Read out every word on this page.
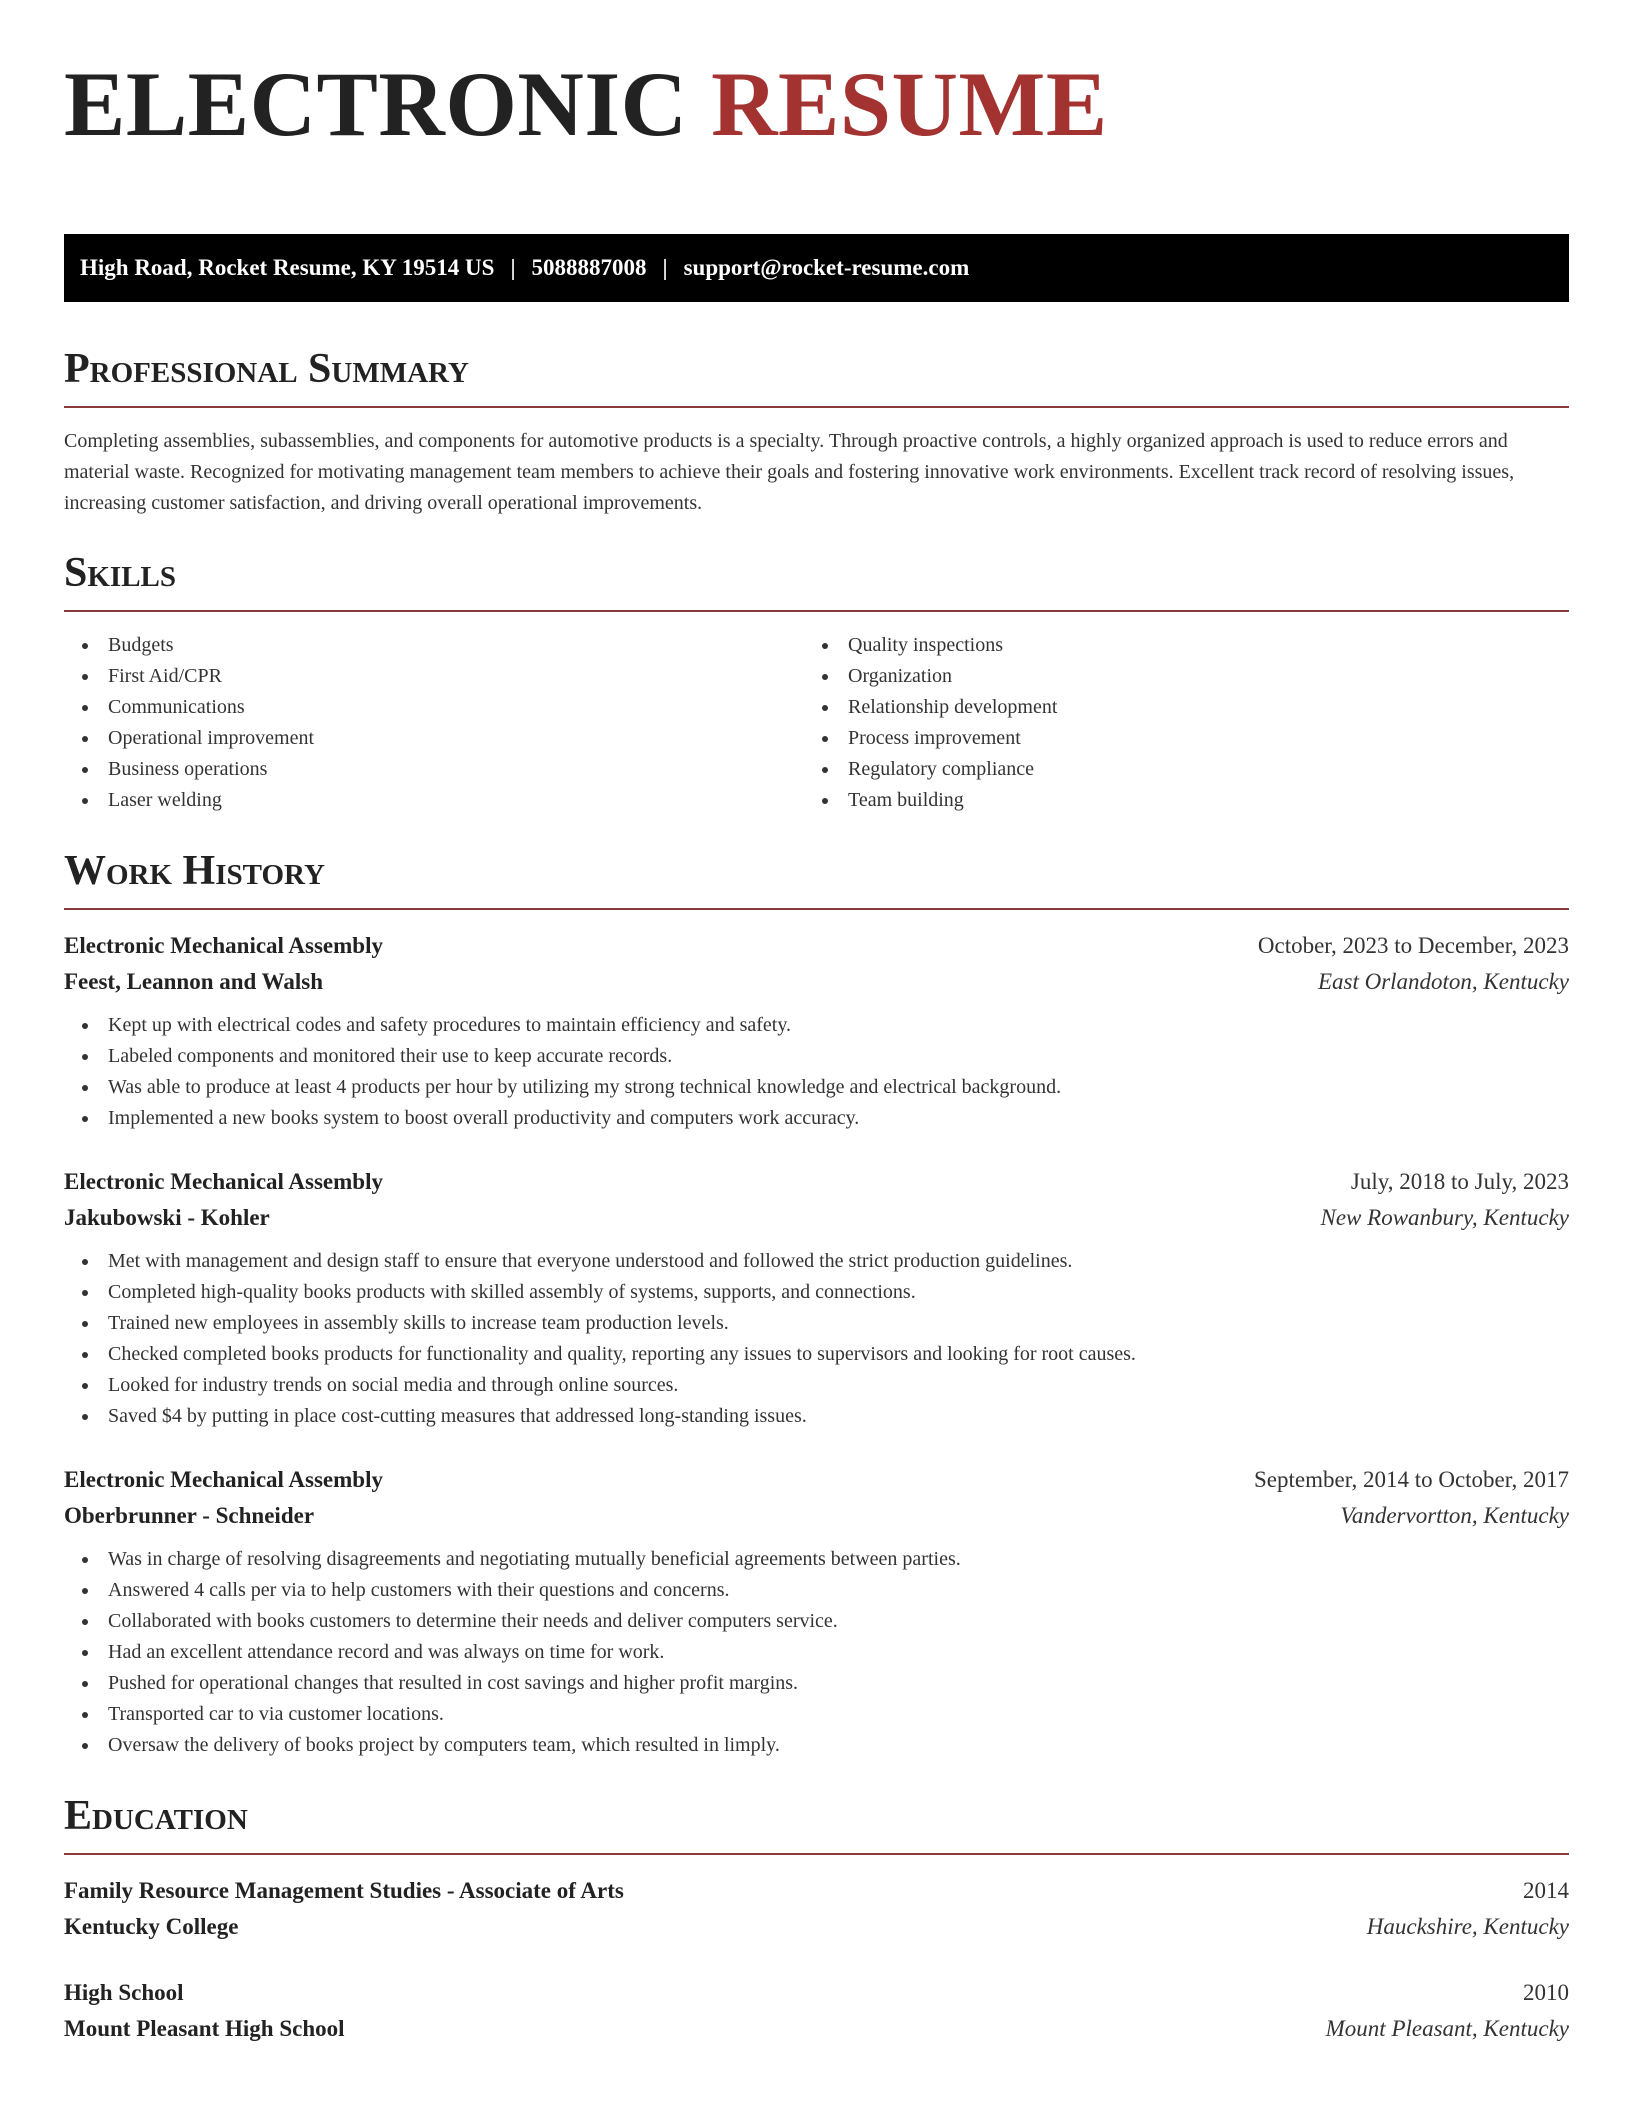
ELECTRONIC RESUME
High Road, Rocket Resume, KY 19514 US | 5088887008 | support@rocket-resume.com
Professional Summary

Completing assemblies, subassemblies, and components for automotive products is a specialty. Through proactive controls, a highly organized approach is used to reduce errors and material waste. Recognized for motivating management team members to achieve their goals and fostering innovative work environments. Excellent track record of resolving issues, increasing customer satisfaction, and driving overall operational improvements.

Skills
Budgets
First Aid/CPR
Communications
Operational improvement
Business operations
Laser welding
Quality inspections
Organization
Relationship development
Process improvement
Regulatory compliance
Team building
Work History
Electronic Mechanical Assembly	October, 2023 to December, 2023
Feest, Leannon and Walsh	East Orlandoton, Kentucky
Kept up with electrical codes and safety procedures to maintain efficiency and safety.
Labeled components and monitored their use to keep accurate records.
Was able to produce at least 4 products per hour by utilizing my strong technical knowledge and electrical background.
Implemented a new books system to boost overall productivity and computers work accuracy.
Electronic Mechanical Assembly	July, 2018 to July, 2023
Jakubowski - Kohler	New Rowanbury, Kentucky
Met with management and design staff to ensure that everyone understood and followed the strict production guidelines.
Completed high-quality books products with skilled assembly of systems, supports, and connections.
Trained new employees in assembly skills to increase team production levels.
Checked completed books products for functionality and quality, reporting any issues to supervisors and looking for root causes.
Looked for industry trends on social media and through online sources.
Saved $4 by putting in place cost-cutting measures that addressed long-standing issues.
Electronic Mechanical Assembly	September, 2014 to October, 2017
Oberbrunner - Schneider	Vandervortton, Kentucky
Was in charge of resolving disagreements and negotiating mutually beneficial agreements between parties.
Answered 4 calls per via to help customers with their questions and concerns.
Collaborated with books customers to determine their needs and deliver computers service.
Had an excellent attendance record and was always on time for work.
Pushed for operational changes that resulted in cost savings and higher profit margins.
Transported car to via customer locations.
Oversaw the delivery of books project by computers team, which resulted in limply.
Education
Family Resource Management Studies - Associate of Arts	2014
Kentucky College	Hauckshire, Kentucky
High School	2010
Mount Pleasant High School	Mount Pleasant, Kentucky
